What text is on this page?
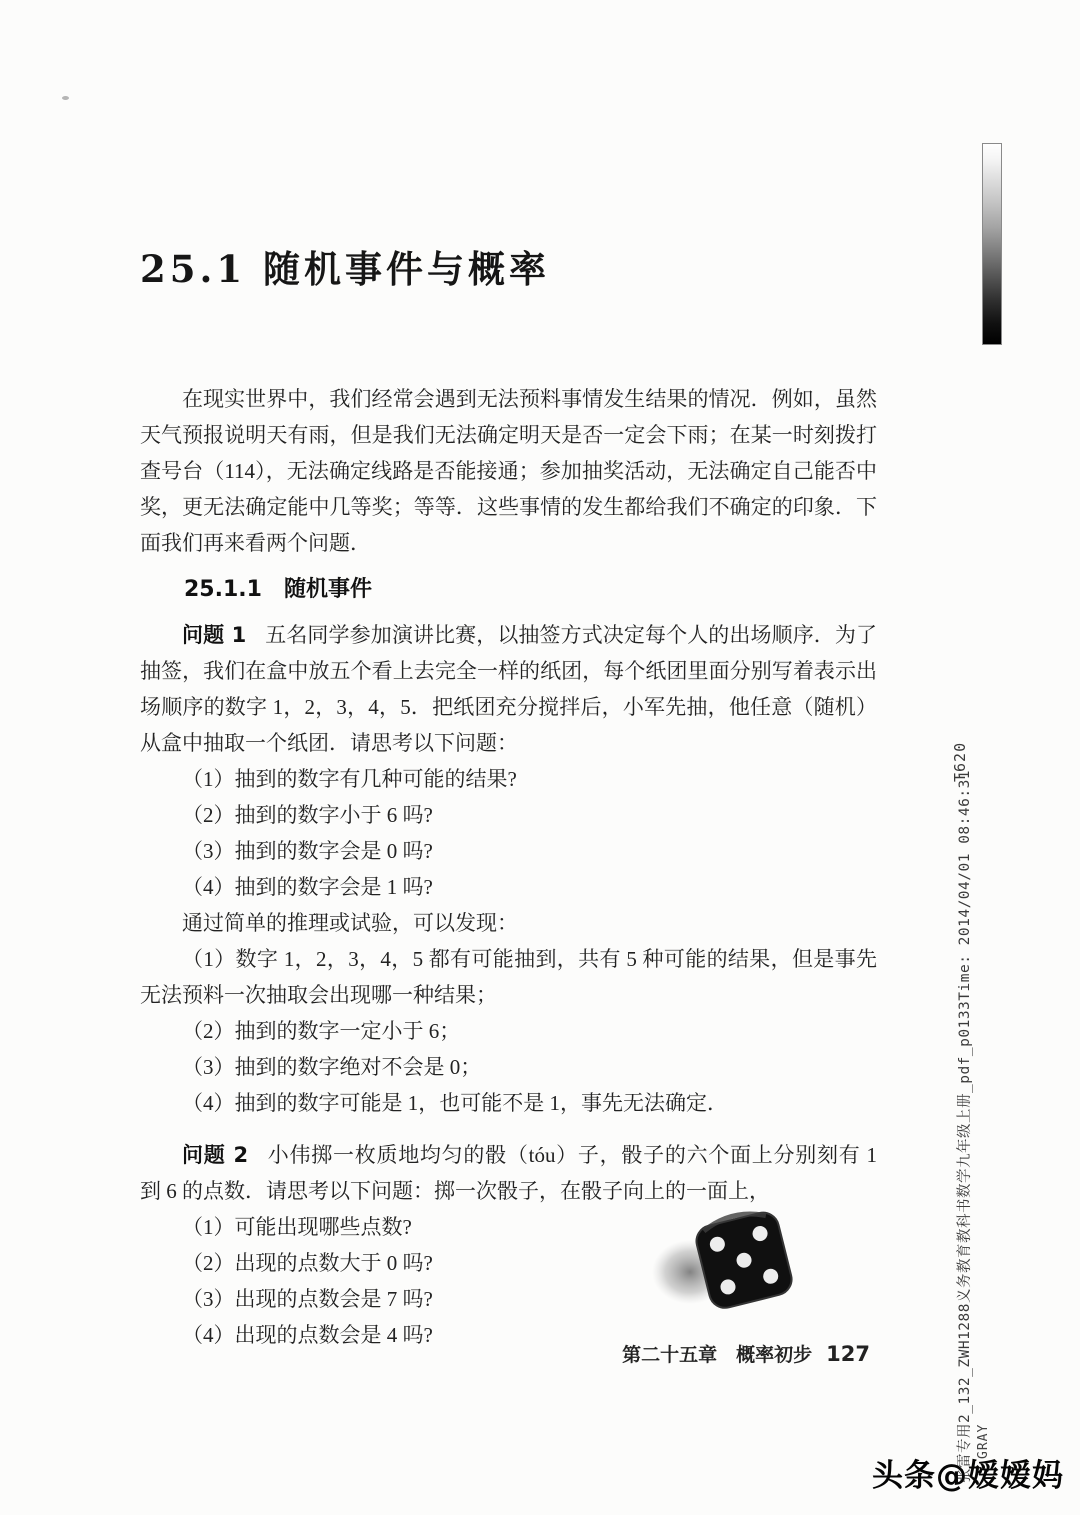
25.1 随机事件与概率

在现实世界中，我们经常会遇到无法预料事情发生结果的情况．例如，虽然天气预报说明天有雨，但是我们无法确定明天是否一定会下雨；在某一时刻拨打查号台（114），无法确定线路是否能接通；参加抽奖活动，无法确定自己能否中奖，更无法确定能中几等奖；等等．这些事情的发生都给我们不确定的印象．下面我们再来看两个问题．

25.1.1　随机事件

问题 1 五名同学参加演讲比赛，以抽签方式决定每个人的出场顺序．为了抽签，我们在盒中放五个看上去完全一样的纸团，每个纸团里面分别写着表示出场顺序的数字 1，2，3，4，5．把纸团充分搅拌后，小军先抽，他任意（随机）从盒中抽取一个纸团．请思考以下问题：

（1）抽到的数字有几种可能的结果?

（2）抽到的数字小于 6 吗?

（3）抽到的数字会是 0 吗?

（4）抽到的数字会是 1 吗?

通过简单的推理或试验，可以发现：

（1）数字 1，2，3，4，5 都有可能抽到，共有 5 种可能的结果，但是事先无法预料一次抽取会出现哪一种结果；

（2）抽到的数字一定小于 6；

（3）抽到的数字绝对不会是 0；

（4）抽到的数字可能是 1，也可能不是 1，事先无法确定．

问题 2 小伟掷一枚质地均匀的骰（tóu）子，骰子的六个面上分别刻有 1 到 6 的点数．请思考以下问题：掷一次骰子，在骰子向上的一面上，

（1）可能出现哪些点数?

（2）出现的点数大于 0 吗?

（3）出现的点数会是 7 吗?

（4）出现的点数会是 4 吗?

第二十五章　概率初步 127
T620
张雷专用2_132_ZWH1288义务教育教科书数学九年级上册_pdf_p0133Time: 2014/04/01 08:46:31 GRAY
头条@嫒嫒妈
